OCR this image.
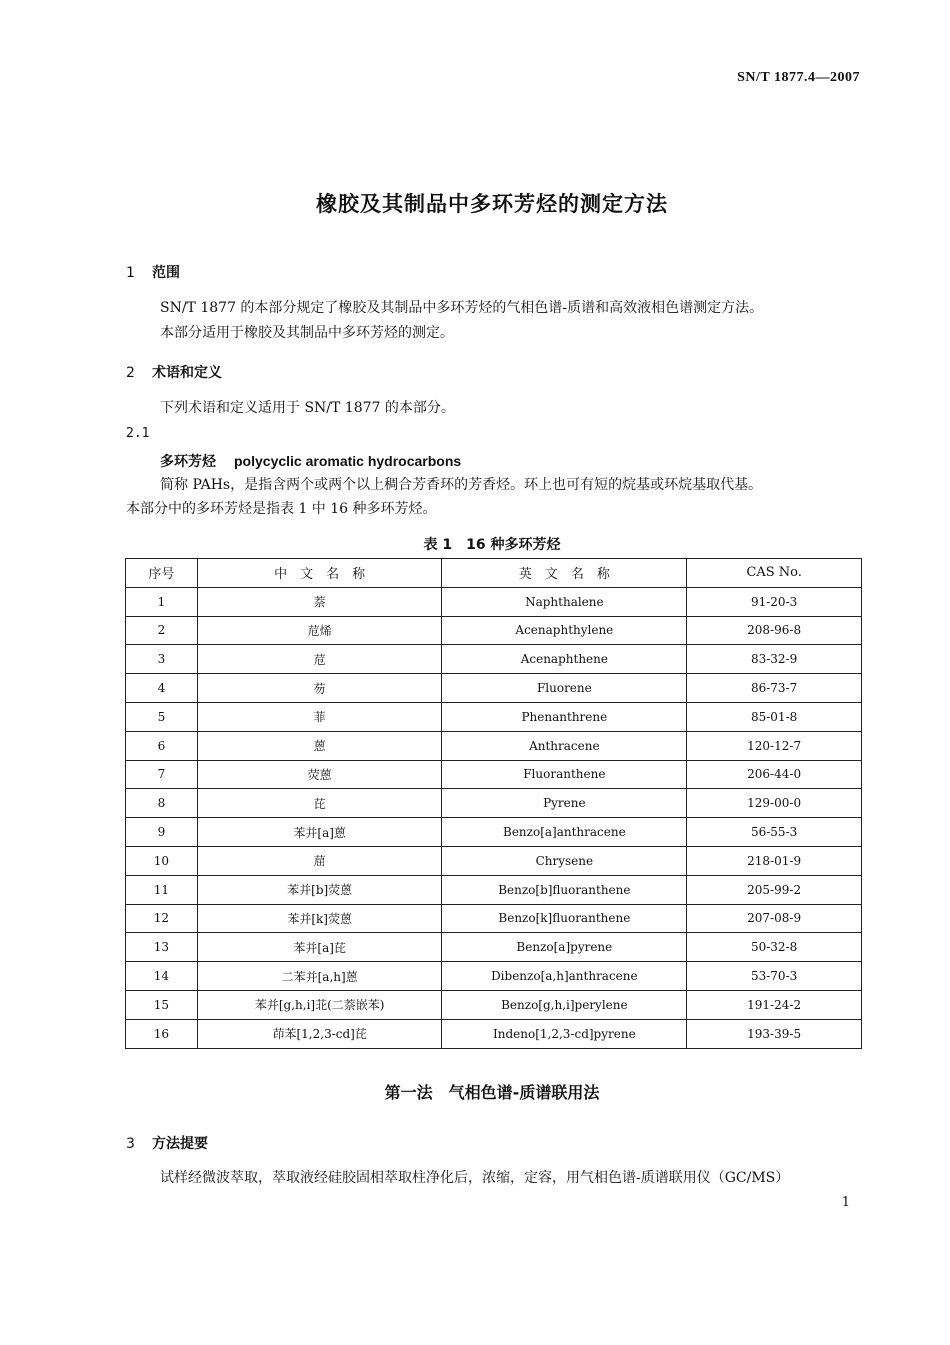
SN/T 1877.4—2007
橡胶及其制品中多环芳烃的测定方法
1 范围
SN/T 1877 的本部分规定了橡胶及其制品中多环芳烃的气相色谱-质谱和高效液相色谱测定方法。
本部分适用于橡胶及其制品中多环芳烃的测定。
2 术语和定义
下列术语和定义适用于 SN/T 1877 的本部分。
2.1
多环芳烃 polycyclic aromatic hydrocarbons
简称 PAHs，是指含两个或两个以上稠合芳香环的芳香烃。环上也可有短的烷基或环烷基取代基。
本部分中的多环芳烃是指表 1 中 16 种多环芳烃。
表 1　16 种多环芳烃
序号	中　文　名　称	英　文　名　称	CAS No.
1	萘	Naphthalene	91-20-3
2	苊烯	Acenaphthylene	208-96-8
3	苊	Acenaphthene	83-32-9
4	芴	Fluorene	86-73-7
5	菲	Phenanthrene	85-01-8
6	蒽	Anthracene	120-12-7
7	荧蒽	Fluoranthene	206-44-0
8	芘	Pyrene	129-00-0
9	苯并[a]蒽	Benzo[a]anthracene	56-55-3
10	䓛	Chrysene	218-01-9
11	苯并[b]荧蒽	Benzo[b]fluoranthene	205-99-2
12	苯并[k]荧蒽	Benzo[k]fluoranthene	207-08-9
13	苯并[a]芘	Benzo[a]pyrene	50-32-8
14	二苯并[a,h]蒽	Dibenzo[a,h]anthracene	53-70-3
15	苯并[g,h,i]苝(二萘嵌苯)	Benzo[g,h,i]perylene	191-24-2
16	茚苯[1,2,3-cd]芘	Indeno[1,2,3-cd]pyrene	193-39-5
第一法　气相色谱-质谱联用法
3 方法提要
试样经微波萃取，萃取液经硅胶固相萃取柱净化后，浓缩，定容，用气相色谱-质谱联用仪（GC/MS）
1
